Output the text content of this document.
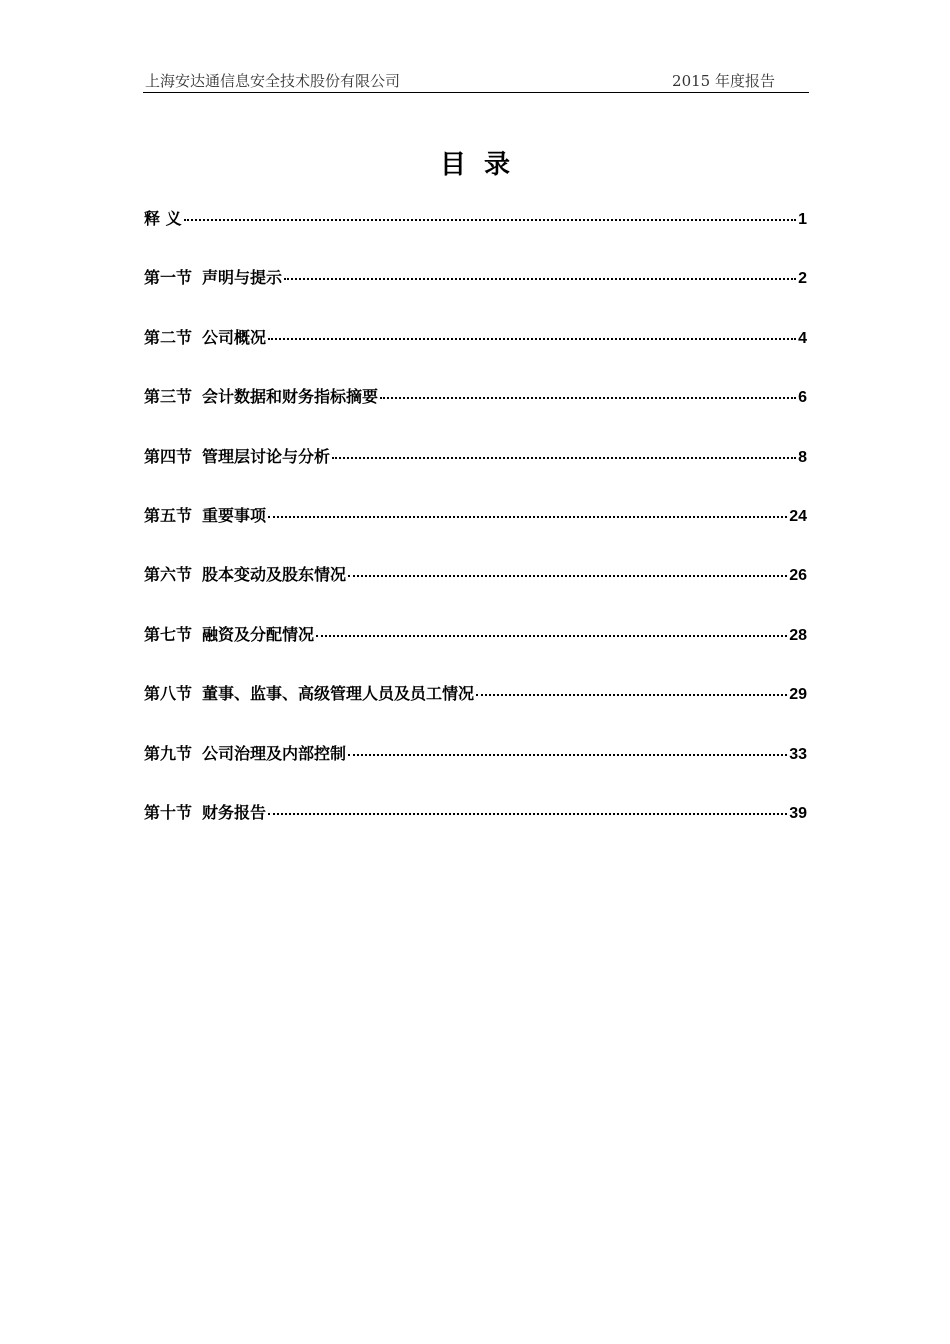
上海安达通信息安全技术股份有限公司	2015 年度报告
目录
释 义	1
第一节 声明与提示	2
第二节 公司概况	4
第三节 会计数据和财务指标摘要	6
第四节 管理层讨论与分析	8
第五节 重要事项	24
第六节 股本变动及股东情况	26
第七节 融资及分配情况	28
第八节 董事、监事、高级管理人员及员工情况	29
第九节 公司治理及内部控制	33
第十节 财务报告	39
